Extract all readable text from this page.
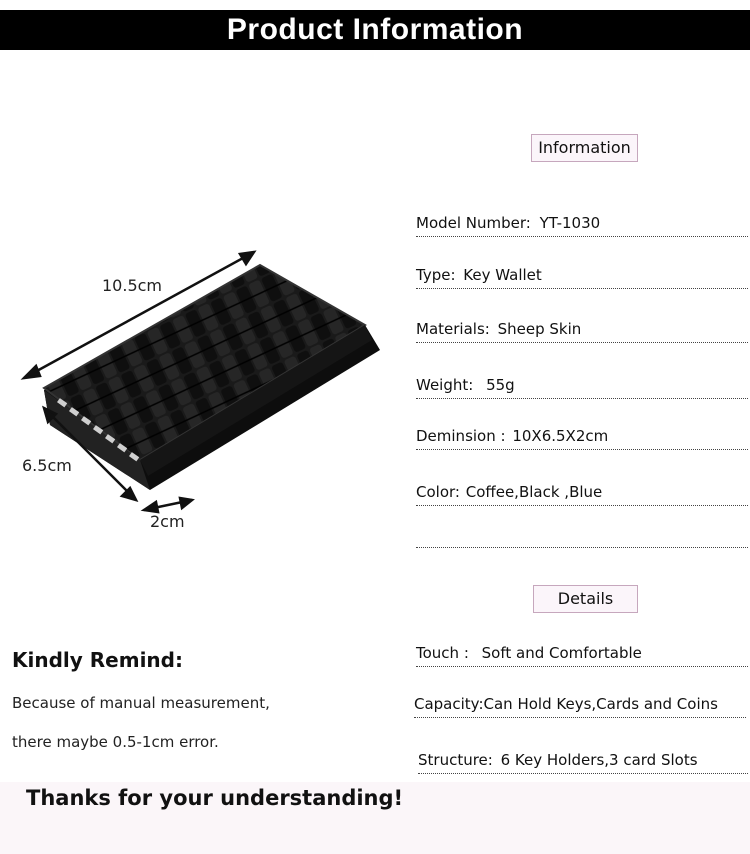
Product Information
10.5cm
6.5cm
2cm
Information
Model Number: YT-1030
Type: Key Wallet
Materials: Sheep Skin
Weight: 55g
Deminsion : 10X6.5X2cm
Color: Coffee,Black ,Blue
Details
Touch : Soft and Comfortable
Capacity:Can Hold Keys,Cards and Coins
Structure: 6 Key Holders,3 card Slots
Kindly Remind:
Because of manual measurement,
there maybe 0.5-1cm error.
Thanks for your understanding!
